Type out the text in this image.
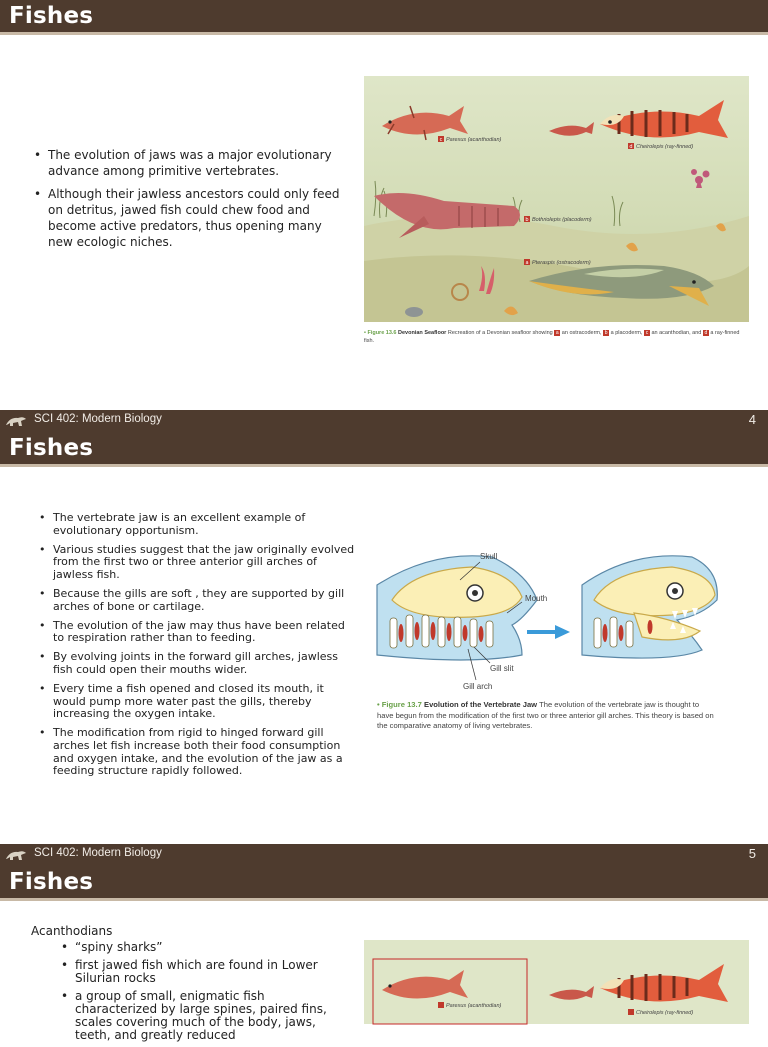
Fishes
• The evolution of jaws was a major evolutionary advance among primitive vertebrates.
• Although their jawless ancestors could only feed on detritus, jawed fish could chew food and become active predators, thus opening many new ecologic niches.
c Parexus (acanthodian)
d Cheirolepis (ray-finned)
b Bothriolepis (placoderm)
a Pteraspis (ostracoderm)
• Figure 13.6 Devonian Seafloor Recreation of a Devonian seafloor showing a an ostracoderm, b a placoderm, c an acanthodian, and d a ray-finned fish.
SCI 402: Modern Biology	4
Fishes
SCI 402: Modern Biology	5
• The vertebrate jaw is an excellent example of evolutionary opportunism.
• Various studies suggest that the jaw originally evolved from the first two or three anterior gill arches of jawless fish.
• Because the gills are soft , they are supported by gill arches of bone or cartilage.
• The evolution of the jaw may thus have been related to respiration rather than to feeding.
• By evolving joints in the forward gill arches, jawless fish could open their mouths wider.
• Every time a fish opened and closed its mouth, it would pump more water past the gills, thereby increasing the oxygen intake.
• The modification from rigid to hinged forward gill arches let fish increase both their food consumption and oxygen intake, and the evolution of the jaw as a feeding structure rapidly followed.
Skull
Mouth
Gill slit
Gill arch
• Figure 13.7 Evolution of the Vertebrate Jaw The evolution of the vertebrate jaw is thought to have begun from the modification of the first two or three anterior gill arches. This theory is based on the comparative anatomy of living vertebrates.
Fishes
Acanthodians
• “spiny sharks”
• first jawed fish which are found in Lower Silurian rocks
• a group of small, enigmatic fish characterized by large spines, paired fins, scales covering much of the body, jaws, teeth, and greatly reduced
Parexus (acanthodian)
Cheirolepis (ray-finned)
